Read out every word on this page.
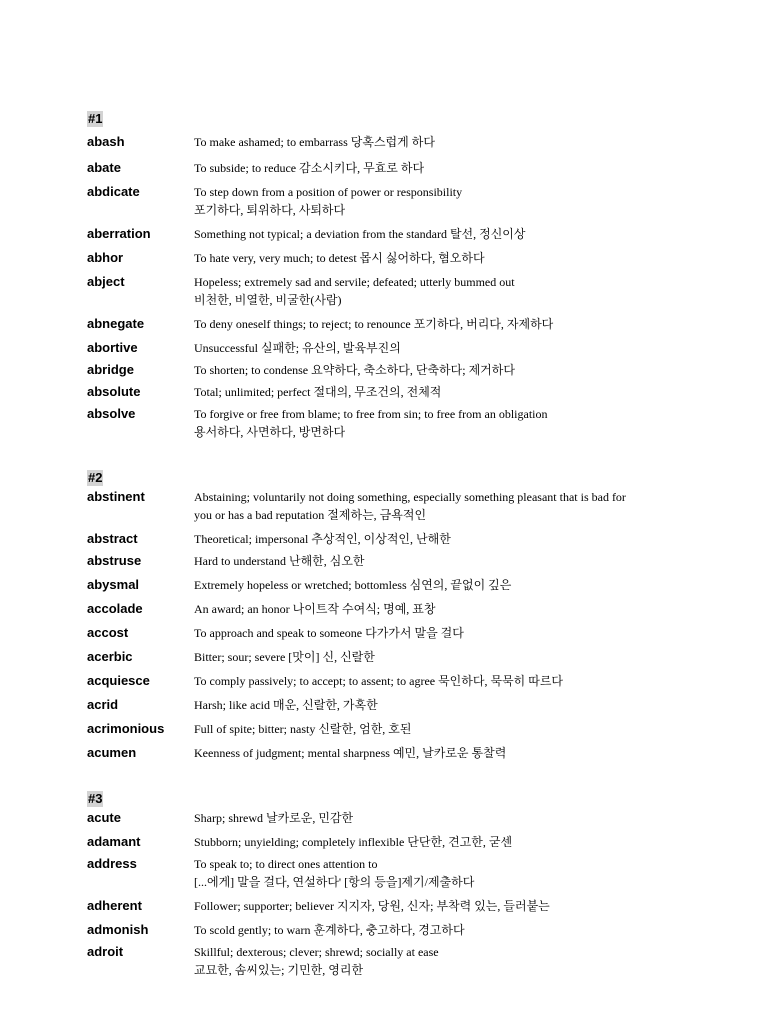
#1
abash	To make ashamed; to embarrass 당혹스럽게 하다
abate	To subside; to reduce 감소시키다, 무효로 하다
abdicate	To step down from a position of power or responsibility
포기하다, 퇴위하다, 사퇴하다
aberration	Something not typical; a deviation from the standard 탈선, 정신이상
abhor	To hate very, very much; to detest 몹시 싫어하다, 혐오하다
abject	Hopeless; extremely sad and servile; defeated; utterly bummed out
비천한, 비열한, 비굴한(사람)
abnegate	To deny oneself things; to reject; to renounce 포기하다, 버리다, 자제하다
abortive	Unsuccessful 실패한; 유산의, 발육부진의
abridge	To shorten; to condense 요약하다, 축소하다, 단축하다; 제거하다
absolute	Total; unlimited; perfect 절대의, 무조건의, 전체적
absolve	To forgive or free from blame; to free from sin; to free from an obligation
용서하다, 사면하다, 방면하다
#2
abstinent	Abstaining; voluntarily not doing something, especially something pleasant that is bad for
you or has a bad reputation 절제하는, 금욕적인
abstract	Theoretical; impersonal 추상적인, 이상적인, 난해한
abstruse	Hard to understand 난해한, 심오한
abysmal	Extremely hopeless or wretched; bottomless 심연의, 끝없이 깊은
accolade	An award; an honor 나이트작 수여식; 명예, 표창
accost	To approach and speak to someone 다가가서 말을 걸다
acerbic	Bitter; sour; severe [맛이] 신, 신랄한
acquiesce	To comply passively; to accept; to assent; to agree 묵인하다, 묵묵히 따르다
acrid	Harsh; like acid 매운, 신랄한, 가혹한
acrimonious	Full of spite; bitter; nasty 신랄한, 엄한, 호된
acumen	Keenness of judgment; mental sharpness 예민, 날카로운 통찰력
#3
acute	Sharp; shrewd 날카로운, 민감한
adamant	Stubborn; unyielding; completely inflexible 단단한, 견고한, 굳센
address	To speak to; to direct ones attention to
[...에게] 말을 걸다, 연설하다' [항의 등을]제기/제출하다
adherent	Follower; supporter; believer 지지자, 당원, 신자; 부착력 있는, 들러붙는
admonish	To scold gently; to warn 훈계하다, 충고하다, 경고하다
adroit	Skillful; dexterous; clever; shrewd; socially at ease
교묘한, 솜씨있는; 기민한, 영리한
